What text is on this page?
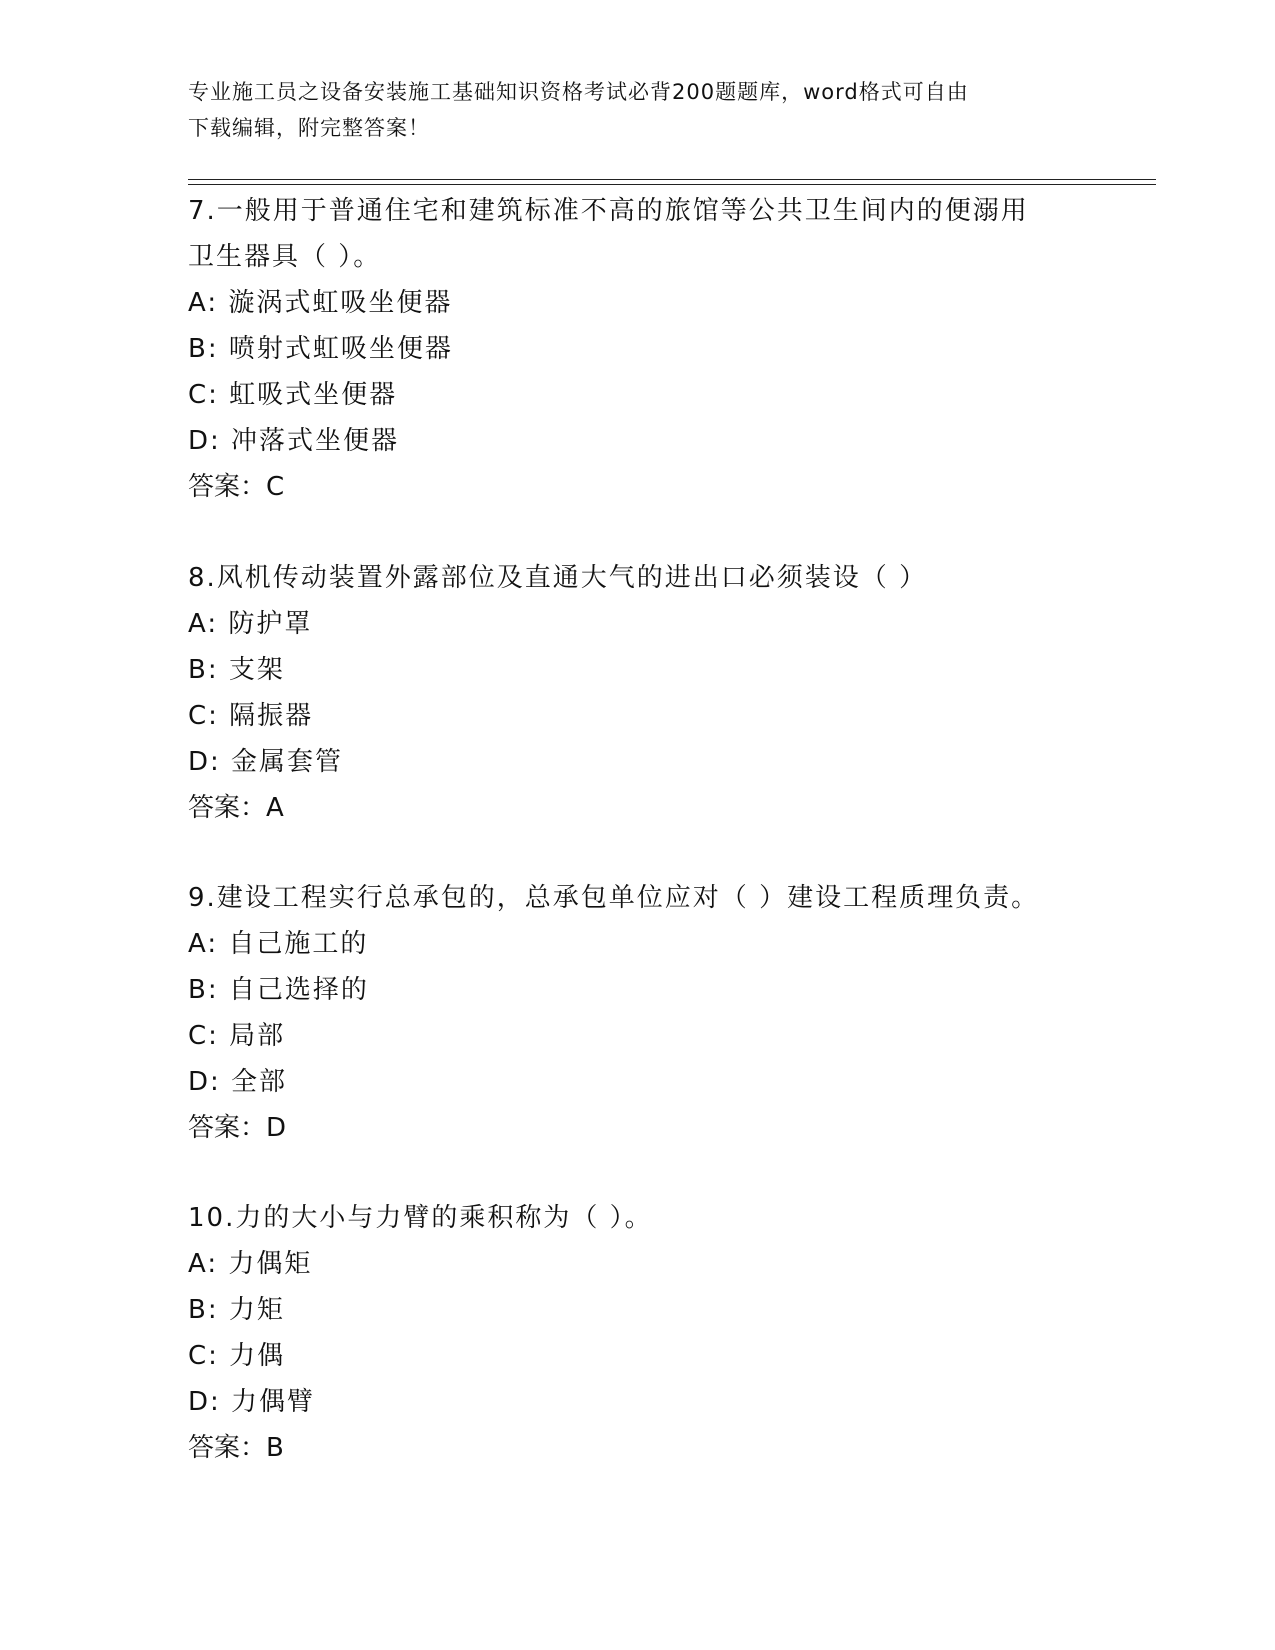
专业施工员之设备安装施工基础知识资格考试必背200题题库，word格式可自由
下载编辑，附完整答案！
7.一般用于普通住宅和建筑标准不高的旅馆等公共卫生间内的便溺用
卫生器具（ ）。
A: 漩涡式虹吸坐便器
B: 喷射式虹吸坐便器
C: 虹吸式坐便器
D: 冲落式坐便器
答案：C
8.风机传动装置外露部位及直通大气的进出口必须装设（ ）
A: 防护罩
B: 支架
C: 隔振器
D: 金属套管
答案：A
9.建设工程实行总承包的，总承包单位应对（ ）建设工程质理负责。
A: 自己施工的
B: 自己选择的
C: 局部
D: 全部
答案：D
10.力的大小与力臂的乘积称为（ ）。
A: 力偶矩
B: 力矩
C: 力偶
D: 力偶臂
答案：B
